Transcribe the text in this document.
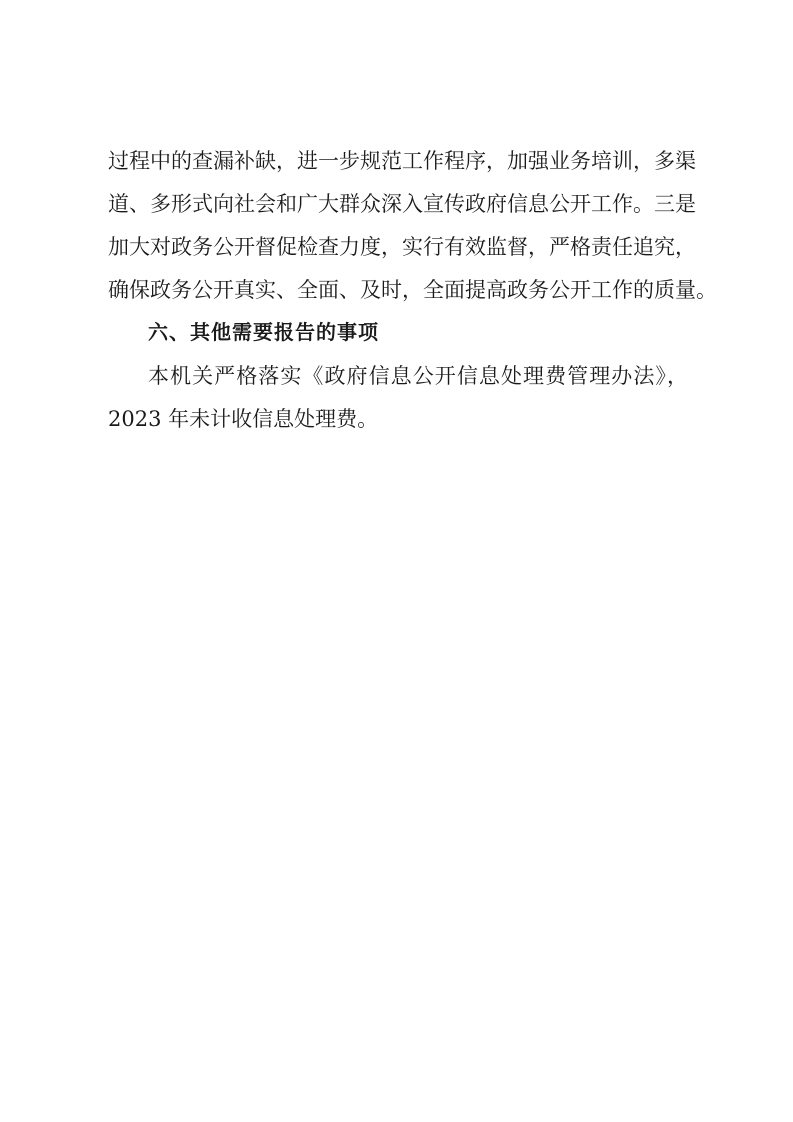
过程中的查漏补缺，进一步规范工作程序，加强业务培训，多渠
道、多形式向社会和广大群众深入宣传政府信息公开工作。三是
加大对政务公开督促检查力度，实行有效监督，严格责任追究，
确保政务公开真实、全面、及时，全面提高政务公开工作的质量。
六、其他需要报告的事项
本机关严格落实《政府信息公开信息处理费管理办法》，
2023 年未计收信息处理费。
